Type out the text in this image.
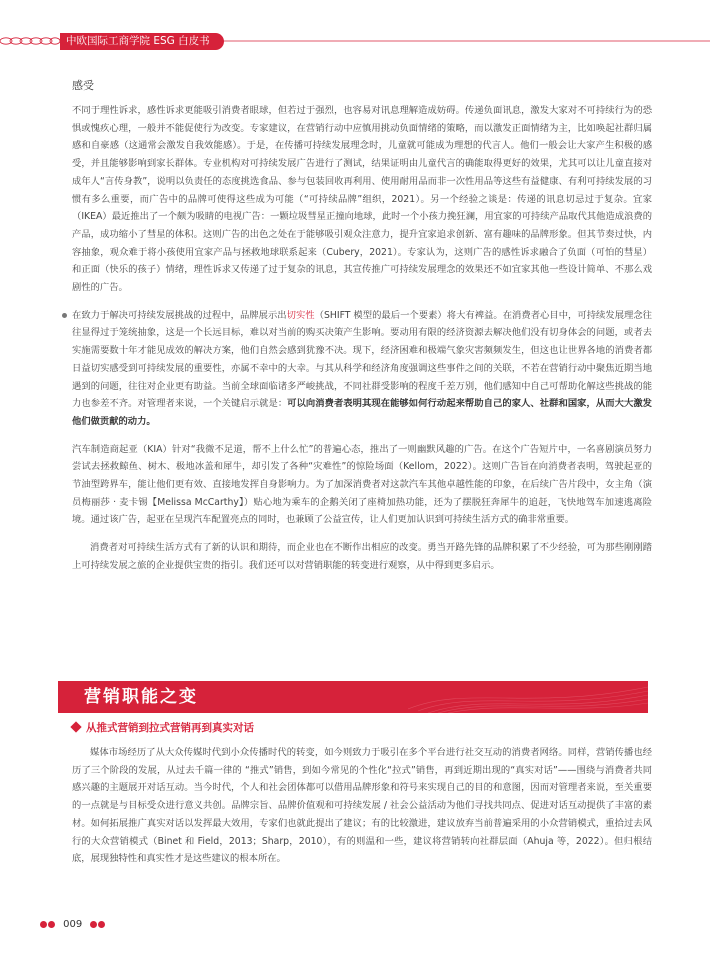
中欧国际工商学院 ESG 白皮书
感受

不同于理性诉求，感性诉求更能吸引消费者眼球，但若过于强烈，也容易对讯息理解造成妨碍。传递负面讯息，激发大家对不可持续行为的恐惧或愧疚心理，一般并不能促使行为改变。专家建议，在营销行动中应慎用挑动负面情绪的策略，而以激发正面情绪为主，比如唤起社群归属感和自豪感（这通常会激发自我效能感）。于是，在传播可持续发展理念时，儿童就可能成为理想的代言人。他们一般会让大家产生积极的感受，并且能够影响到家长群体。专业机构对可持续发展广告进行了测试，结果证明由儿童代言的确能取得更好的效果，尤其可以让儿童直接对成年人“言传身教”，说明以负责任的态度挑选食品、参与包装回收再利用、使用耐用品而非一次性用品等这些有益健康、有利可持续发展的习惯有多么重要，而广告中的品牌可使得这些成为可能（“可持续品牌”组织，2021）。另一个经验之谈是：传递的讯息切忌过于复杂。宜家（IKEA）最近推出了一个颇为吸睛的电视广告：一颗垃圾彗星正撞向地球，此时一个小孩力挽狂澜，用宜家的可持续产品取代其他造成浪费的产品，成功缩小了彗星的体积。这则广告的出色之处在于能够吸引观众注意力，提升宜家追求创新、富有趣味的品牌形象。但其节奏过快，内容抽象，观众难于将小孩使用宜家产品与拯救地球联系起来（Cubery，2021）。专家认为，这则广告的感性诉求融合了负面（可怕的彗星）和正面（快乐的孩子）情绪，理性诉求又传递了过于复杂的讯息，其宣传推广可持续发展理念的效果还不如宜家其他一些设计简单、不那么戏剧性的广告。

在致力于解决可持续发展挑战的过程中，品牌展示出切实性（SHIFT 模型的最后一个要素）将大有裨益。在消费者心目中，可持续发展理念往往显得过于笼统抽象，这是一个长远目标，难以对当前的购买决策产生影响。要动用有限的经济资源去解决他们没有切身体会的问题，或者去实施需要数十年才能见成效的解决方案，他们自然会感到犹豫不决。现下，经济困难和极端气象灾害频频发生，但这也让世界各地的消费者都日益切实感受到可持续发展的重要性，亦属不幸中的大幸。与其从科学和经济角度强调这些事件之间的关联，不若在营销行动中聚焦近期当地遇到的问题，往往对企业更有助益。当前全球面临诸多严峻挑战，不同社群受影响的程度千差万别，他们感知中自己可帮助化解这些挑战的能力也参差不齐。对管理者来说，一个关键启示就是：可以向消费者表明其现在能够如何行动起来帮助自己的家人、社群和国家，从而大大激发他们做贡献的动力。

汽车制造商起亚（KIA）针对“我微不足道，帮不上什么忙”的普遍心态，推出了一则幽默风趣的广告。在这个广告短片中，一名喜剧演员努力尝试去拯救鲸鱼、树木、极地冰盖和犀牛，却引发了各种“灾难性”的惊险场面（Kellom，2022）。这则广告旨在向消费者表明，驾驶起亚的节油型跨界车，能让他们更有效、直接地发挥自身影响力。为了加深消费者对这款汽车其他卓越性能的印象，在后续广告片段中，女主角（演员梅丽莎 · 麦卡锡【Melissa McCarthy】）贴心地为乘车的企鹅关闭了座椅加热功能，还为了摆脱狂奔犀牛的追赶，飞快地驾车加速逃离险境。通过该广告，起亚在呈现汽车配置亮点的同时，也兼顾了公益宣传，让人们更加认识到可持续生活方式的确非常重要。

消费者对可持续生活方式有了新的认识和期待，而企业也在不断作出相应的改变。勇当开路先锋的品牌积累了不少经验，可为那些刚刚踏上可持续发展之旅的企业提供宝贵的指引。我们还可以对营销职能的转变进行观察，从中得到更多启示。

营销职能之变
从推式营销到拉式营销再到真实对话

媒体市场经历了从大众传媒时代到小众传播时代的转变，如今则致力于吸引在多个平台进行社交互动的消费者网络。同样，营销传播也经历了三个阶段的发展，从过去千篇一律的 “推式”销售，到如今常见的个性化“拉式”销售，再到近期出现的“真实对话”——围绕与消费者共同感兴趣的主题展开对话互动。当今时代，个人和社会团体都可以借用品牌形象和符号来实现自己的目的和意图，因而对管理者来说，至关重要的一点就是与目标受众进行意义共创。品牌宗旨、品牌价值观和可持续发展 / 社会公益活动为他们寻找共同点、促进对话互动提供了丰富的素材。如何拓展推广真实对话以发挥最大效用，专家们也就此提出了建议；有的比较激进，建议放弃当前普遍采用的小众营销模式，重拾过去风行的大众营销模式（Binet 和 Field，2013；Sharp，2010），有的则温和一些，建议将营销转向社群层面（Ahuja 等，2022）。但归根结底，展现独特性和真实性才是这些建议的根本所在。

009
